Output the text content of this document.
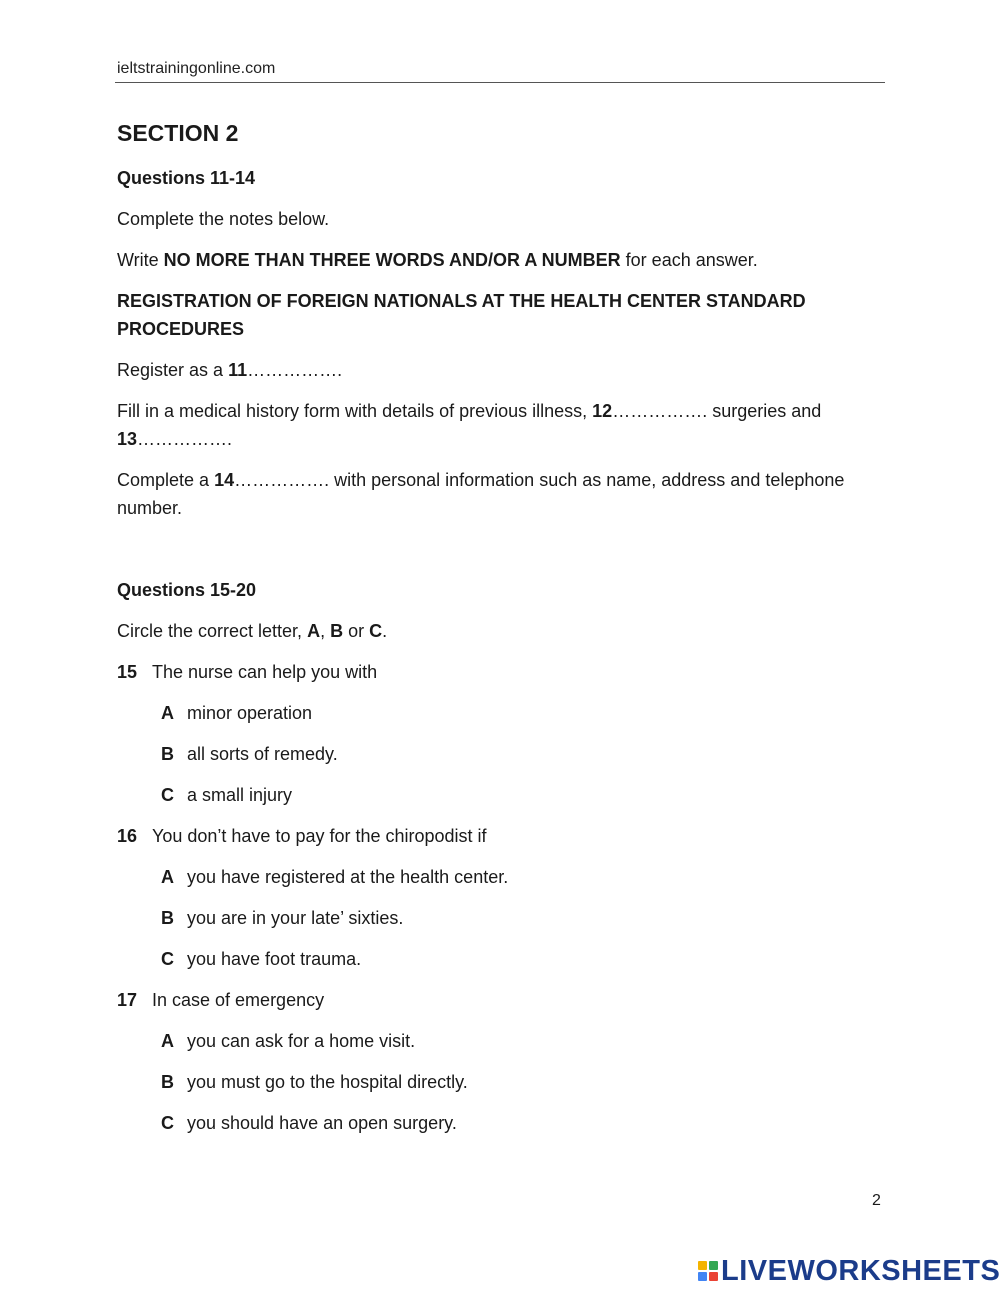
ieltstrainingonline.com
SECTION 2
Questions 11-14
Complete the notes below.
Write NO MORE THAN THREE WORDS AND/OR A NUMBER for each answer.
REGISTRATION OF FOREIGN NATIONALS AT THE HEALTH CENTER STANDARD
PROCEDURES
Register as a 11…………….
Fill in a medical history form with details of previous illness, 12……………. surgeries and
13…………….
Complete a 14……………. with personal information such as name, address and telephone
number.
Questions 15-20
Circle the correct letter, A, B or C.
15 The nurse can help you with
A minor operation
B all sorts of remedy.
C a small injury
16 You don’t have to pay for the chiropodist if
A you have registered at the health center.
B you are in your late’ sixties.
C you have foot trauma.
17 In case of emergency
A you can ask for a home visit.
B you must go to the hospital directly.
C you should have an open surgery.
2
LIVEWORKSHEETS
